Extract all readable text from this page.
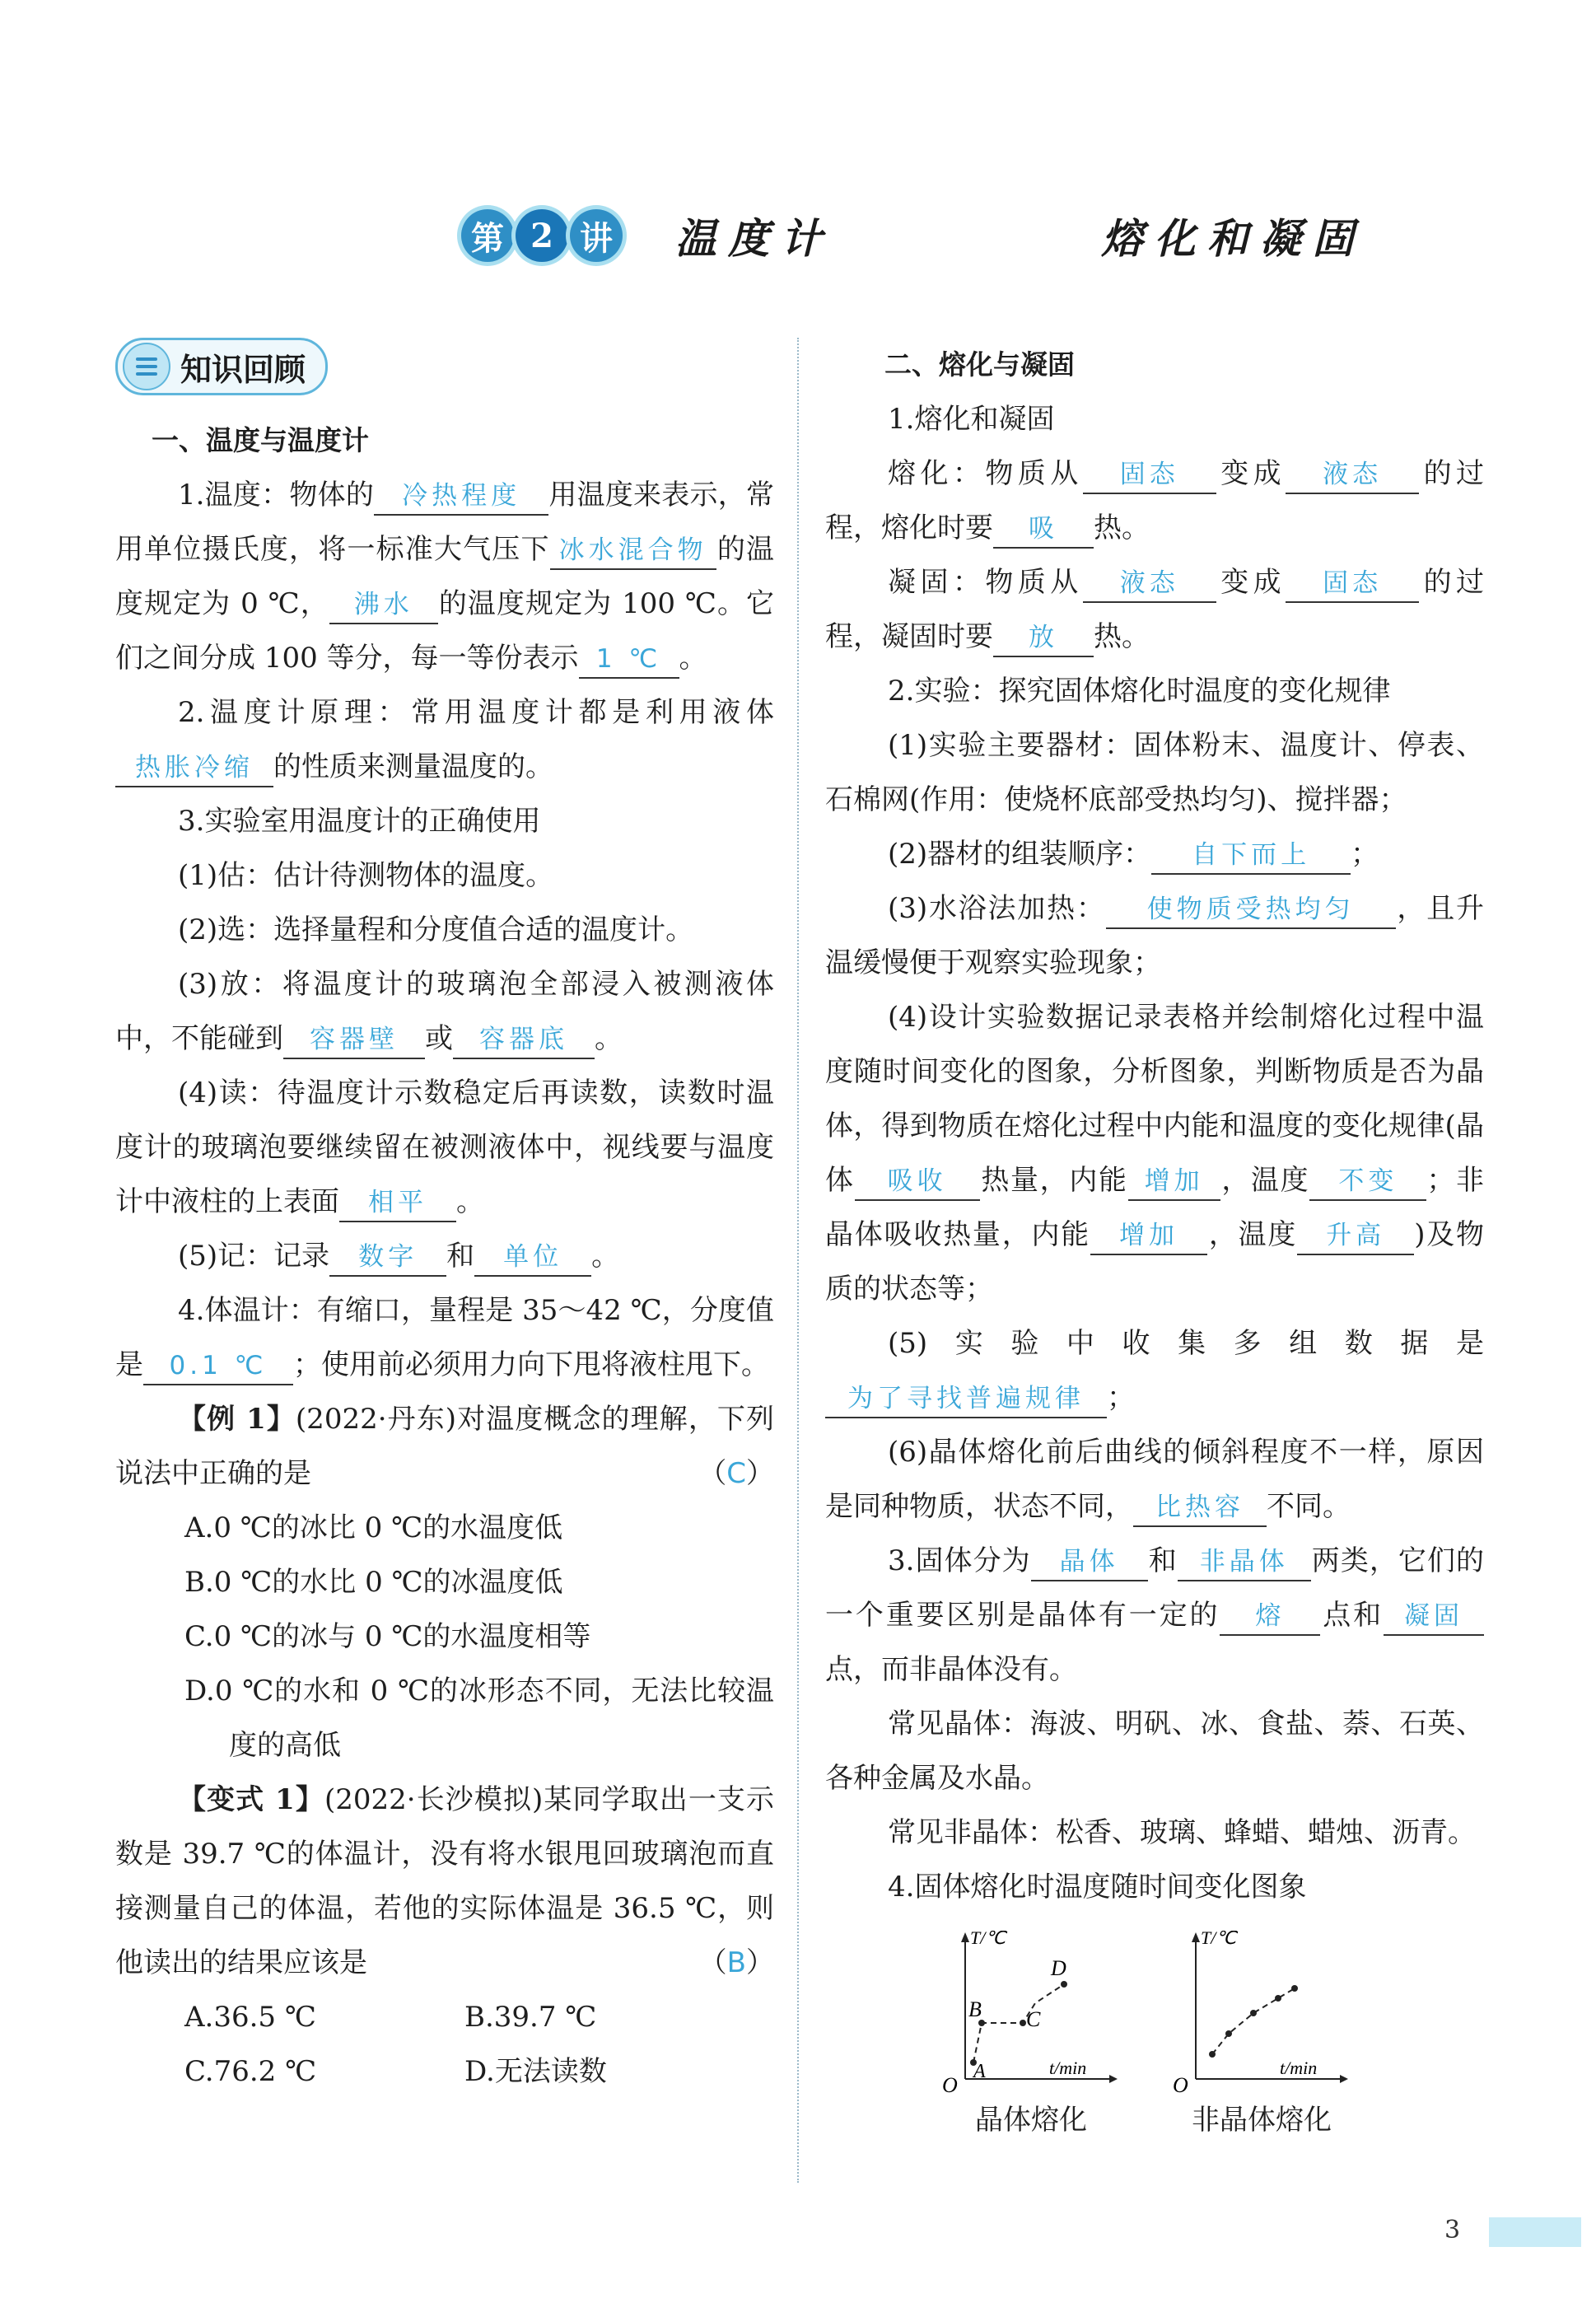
第 2 讲 温度计    熔化和凝固
知识回顾
一、温度与温度计

1.温度：物体的 冷热程度 用温度来表示，常用单位摄氏度，将一标准大气压下 冰水混合物 的温度规定为 0 ℃， 沸水 的温度规定为 100 ℃。它们之间分成 100 等分，每一等份表示 1 ℃ 。

2.温度计原理：常用温度计都是利用液体热胀冷缩 的性质来测量温度的。

3.实验室用温度计的正确使用

(1)估：估计待测物体的温度。

(2)选：选择量程和分度值合适的温度计。

(3)放：将温度计的玻璃泡全部浸入被测液体中，不能碰到 容器壁 或 容器底 。

(4)读：待温度计示数稳定后再读数，读数时温度计的玻璃泡要继续留在被测液体中，视线要与温度计中液柱的上表面 相平 。

(5)记：记录 数字 和 单位 。

4.体温计：有缩口，量程是 35～42 ℃，分度值是 0.1 ℃ ；使用前必须用力向下甩将液柱甩下。

【例 1】(2022·丹东)对温度概念的理解，下列说法中正确的是	（C）

A.0 ℃的冰比 0 ℃的水温度低

B.0 ℃的水比 0 ℃的冰温度低

C.0 ℃的冰与 0 ℃的水温度相等

D.0 ℃的水和 0 ℃的冰形态不同，无法比较温度的高低

【变式 1】(2022·长沙模拟)某同学取出一支示数是 39.7 ℃的体温计，没有将水银甩回玻璃泡而直接测量自己的体温，若他的实际体温是 36.5 ℃，则他读出的结果应该是	（B）

A.36.5 ℃	B.39.7 ℃

C.76.2 ℃	D.无法读数

二、熔化与凝固

1.熔化和凝固

熔化：物质从 固态 变成 液态 的过程，熔化时要 吸 热。

凝固：物质从 液态 变成 固态 的过程，凝固时要 放 热。

2.实验：探究固体熔化时温度的变化规律

(1)实验主要器材：固体粉末、温度计、停表、石棉网(作用：使烧杯底部受热均匀)、搅拌器；

(2)器材的组装顺序： 自下而上 ；

(3)水浴法加热： 使物质受热均匀 ，且升温缓慢便于观察实验现象；

(4)设计实验数据记录表格并绘制熔化过程中温度随时间变化的图象，分析图象，判断物质是否为晶体，得到物质在熔化过程中内能和温度的变化规律(晶体 吸收 热量，内能 增加 ，温度 不变 ；非晶体吸收热量，内能 增加 ，温度 升高 )及物质的状态等；

(5)实验中收集多组数据是为了寻找普遍规律 ；

(6)晶体熔化前后曲线的倾斜程度不一样，原因是同种物质，状态不同， 比热容 不同。

3.固体分为 晶体 和 非晶体 两类，它们的一个重要区别是晶体有一定的 熔 点和 凝固点，而非晶体没有。

常见晶体：海波、明矾、冰、食盐、萘、石英、各种金属及水晶。

常见非晶体：松香、玻璃、蜂蜡、蜡烛、沥青。

4.固体熔化时温度随时间变化图象

T/℃
t/min
O
A
B C
D
晶体熔化
T/℃
t/min
O
非晶体熔化
3
